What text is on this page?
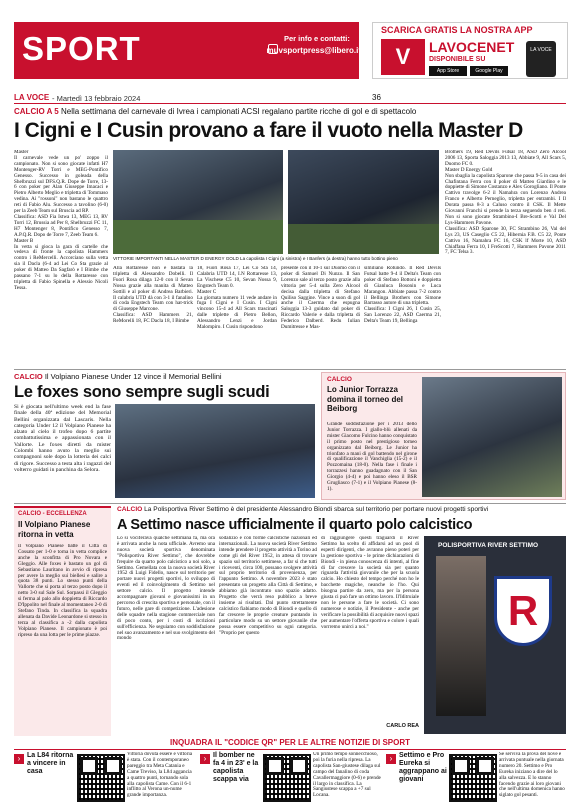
SPORT	Per info e contatti:
muvsportpress@libero.it
SCARICA GRATIS LA NOSTRA APP
V	LAVOCENET
DISPONIBILE SU
App Store	Google Play
LA VOCE
LA VOCE - Martedì 13 febbraio 2024	36
CALCIO A 5 Nella settimana del carnevale di Ivrea i campionati ACSI regalano partite ricche di gol e di spettacolo
I Cigni e I Cusin provano a fare il vuoto nella Master D
Master
Il carnevale vede un po' zoppo il campionato. Non si sono giocate infatti H7 Montenger-RV Torri e MEG-Pontifico Genesso. Successo in goleada della Shelbruzzi sul DFS.Q.R. Dope de Torre, 13-6 con poker per Alan Giuseppe Imacaci e Pietro Alberto Meglio e tripletta di Tommaso vedina. Ai "rossoni" non bastano le quattro reti di Fabio Alu. Successo a tavolino (6-0) per la Zeeb Team sul Bruscia ad RP.
Classifica: ASD Fia Istwa 13, MEG 13, RV Torri 12, Brussia ad Per 8, Shelbruzzi FC 11, H7 Montenger 8, Pontifico Genesso 7, A.P.Q.R. Dopo de Torre 7, Zeeb Team 6.
Master B
In vetta si gioca la gara di cartelle che vedeva di fronte la capolista Hammers contro i ReMercelli. Accorciano sulla vetta sia il Dacla (6-4 ad Lei Co Sta grazie al poker di Matteo Da Sagfarò e I Bimbe che passano 7-1 su lo della Rottaresse con tripletta di Fabio Spinella e Alessio Nicoli Tessa.
VITTORIE IMPORTANTI NELLA MASTER D ENERGY GOLD La capolista I Cigni (a sinistra) e I Banfers (a destra) hanno tutto bottino pieno
Alla Rottaresse non è bastata la tripletta di Alessandro Dobelli. Il Fuori Rosa dilaga 12-0 con il Sevan Nossa grazie alla manita di Matteo Sottili e al poker di Andrea Barbieri. Il calabria UTD dà con 3-1 il fanalino di coda Engstech Team con hat-trick di Giuseppe Marcone.
Classifica: ASD Hammers 21, ReMorelli 18, FC Dacla 18, I Bimbe
18, Fuori Rosa 17, Lei Co Sta 14, Calabria UTD 14, I.N Rottaresse 13, La Vischese C5 10, Sevan Nossa 9, Engstech Team 0.
Master C
La giornata numero 11 vede andare in fuga I Cigni e I Cusin. I Cigni vincono 15-4 ad All Scars trascinati dalle triplette di Pietro Bellon, Alessandro Lenzi e Jordan Malompiro. I Cusin rispondono
presente con il 10-1 sul Duomo con il poker di Samuel Di Nunzo. Il San Lorenzo sale al terzo posto grazie alla vittoria per 5-4 sulla Zero Alcool decisa dalla tripletta di Stefano Quiliso Saggine. Vince a suon di gol anche il Caerma che espugna Saloggia 13-3 guidato dal poker di Riccardo Valerie e dalla tripletta di Federico Dalberd. Redu Iulian Dumitresse e Mas-
similiano Rotundo. Il Red Devils Futsal batte 9-4 il Delta's Team con poker di Stefano Bottoni e doppietta di Gianluca Bosonin e Luca Marangon. Abbiate passa 7-2 contro il Bellinga Brothers con Simone Barrasso autore di una tripletta.
Classifica: I Cigni 26, I Cusin 25, San Lorenzo 22, ASD Caerma 21, Delta's Team 19, Bellinga
Brothers 19, Red Devils Futsal 18, ASD Zero Alcool 2006 13, Sporta Saloggia 2013 13, Abbiate 9, All Scars 5, Duomo FC 0.
Master D Energy Gold
Non sbaglia la capolista Sparone che passa 9-5 in casa dei Chafintana Ferra con il poker di Matteo Giardino e le doppiette di Simone Costanzo e Alex Gorogliano. Il Ponte Cattivo travolge 6-2 il Namahra con Lorenzo Andrea Franco e Alberto Perneglio, tripletta per entrambi. I Il Dorata passa 8-3 a Caluso contro il CSK. Il Mette Giovanni Franchi si prende la terza seguendo ben 4 reti. Non si sono giocate Strambino-I Bre-Scotti e Val Del Lys-Hammers Pavone.
Classifica: ASD Sparone 30, FC Strambino 26, Val del Lys 23, US Caseglio C5 22, Hibernia F.B. C5 22, Ponte Cattivo 16, Namahra FC 16, CSK lf Morte 10, ASD Chiaffana Ferra 10, I FreScotti 7, Hammers Pavone 2011 7, FC Telsa 3.
CALCIO Il Volpiano Pianese Under 12 vince il Memorial Bellini
Le foxes sono sempre sugli scudi
Si è giocata nell'ultimo week end la fase finale della 40ª edizione del Memorial Bellini organizzata dal Lascaris. Nella categoria Under 12 il Volpiano Pianese ha alzato al cielo il trofeo dopo 6 partite combattutissima e appassionata con il Vallorte. Le foxes diretti da mister Colombi hanno avuto la meglio sui compagnoni sole dopo la lotteria dei calci di rigore. Successo a testa alta i ragazzi del volterro guidati in panchina da Selora.
CALCIO
Lo Junior Torrazza domina il torneo del Beiborg
Grande soddisfazione per i 2013 dello Junior Torrazza. I giallo-blù allenati da mister Giacomo Fulcino hanno conquistato il primo posto nel prestigioso torneo organizzato dal Beiborg. Le Junior ha trionfato a mani di gol battendo nel girone di qualificazione il Vanchiglia (15-2) e il Pozzomaina (18-0). Nella fase i finale i torrazzesi hanno guadagnato con il San Giorgio (4-4) e poi hanno eleso il BSR Grugliasco (7-1) e il Volpiano Pianese (8-1).
CALCIO - ECCELLENZA
Il Volpiano Pianese ritorna in vetta
Il Volpiano Pianese batte il Città di Cossato per 1-0 e torna in vetta complice anche la sconfitta di Pro Novara e Gleggio. Alle foxes è bastato un gol di Sebastiano Lauritano in avvio di ripresa per avere la meglio sui biellesi e salire a quota 38 punti. Lo stesso punti della Vallorte che si porta al terzo posto dopo il netto 3-0 sul Sale Sul. Sorpassi il Gleggio si ferma al palo allo doppietta di Riccardo D'Ippolito nel finale al momentaneo 2-0 di Stefano Tinda. In classifica la squadra allenata da Davide Leonardone si stesso in terza al classifica a -2 dalla capolista Volpiano Pianese. Il campionato è poi ripreso da una lotta per le prime piazze.
CALCIO La Polisportiva River Settimo è del presidente Alessandro Biondi sbarca sul territorio per portare nuovi progetti sportivi
A Settimo nasce ufficialmente il quarto polo calcistico
Lo si vociferava qualche settimana fa, ma ora è arrivata anche la nota ufficiale. Avremo una nuova società sportiva denominata "Polisportiva River Settimo", che dovrebbe frequire da quarto polo calcistico a noi solo, a Settimo. Gemellata con la nuova società River 1952 di Luigi Fidello, nasce sul territorio per portare nuovi progetti sportivi, lo sviluppo di eventi ed il coinvolgimento di Settimo nel settore calcio. Il progetto intende accompagnare giovani e giovanissimi in un percorso di crescita sportiva e personale, con il futuro, nelle gare di competizione. L'adesione delle squadre nella stagione commerciale non di poco conto, per i costi di iscrizioni sull'efficienza. Ne seguiamo con soddisfazione nel suo avanzamento e nel suo svolgimento del mondo
sodalizio e con forme calcistiche nazionali ed internazionali. La nuova società River Settimo intende prendere il progetto attività a Torino ad come gli del River 1952, in attesa di trovare spazio sul territorio settimese, a far sì che tutti i riceventi, circa 100, possano svolgere attività sul proprio territorio di provenienza, per l'appunto Settimo. A novembre 2023 è stato presentato un progetto alla Città di Settimo, e abbiamo già incontrato uno spazio adatto. Progetto che verrà reso pubblico a breve insieme ai risultati. Dal punto strettamente calcistico fiabiamo modo di Biondi e quello di far crescere le proprie creature puntando in particolare modo su un settore giovanile che possa essere competitivo su ogni categoria. "Proprio per questo
di raggiungere questi traguardi il River Settimo ha scelto di affidarsi ad un pool di esperti dirigenti, che avranno pieno poteri per la gestione sportiva - le prime dichiarazioni di Biondi - in piena conoscenza di intenti, al fine di far crescere la società sia per quanto riguarda l'attività giovanile che per la scuola calcio. Ho chiesto del tempo perché non ho le bacchette magiche, neanche io l'ho. Qui bisogna partire da zero, ma per la persona giusta ci può fare un ottimo lavoro. Il'Iditruiale non le persone a fare le società. Ci sono numerose e notizie, il Presidente - anche per verificare la possibilità di acquisire nuovi spazi per aumentare l'offerta sportiva e colore i quali vorrremo unirci a noi."
CARLO REA
POLISPORTIVA RIVER SETTIMO
R
INQUADRA IL "CODICE QR" PER LE ALTRE NOTIZIE DI SPORT
› La L84 ritorna a vincere in casa
Vittoria dovuta essere e vittoria è stata. Con il contemporaneo pareggio tra Meta Catania e Came Treviso, la L84 aggancia a quattro punti, tornando sola alla capolista Came. Con il 6-1 inflitto al Verona un-nume grande importanza.
› Il bomber ne fa 4 in 23' e la capolista scappa via
Un primo tempo sonnecchioso, poi la furia nella ripresa. La capolista San-giustese dilaga sul campo del fanalino di coda Cavallermaggiore (0-6) e prende il largo in classifica. La Sangiustese scappa a +7 sul Locana.
› Settimo e Pro Eureka si aggrappano ai giovani
Se serviva la prova del nove è arrivata puntuale nella giornata numero 20. Settimo e Pro Eureka iniziano a dire del lo alla salvezza. E lo stanno facendo grazie ai loro giovani che nell'ultima domenica hanno siglato gol pesanti.
